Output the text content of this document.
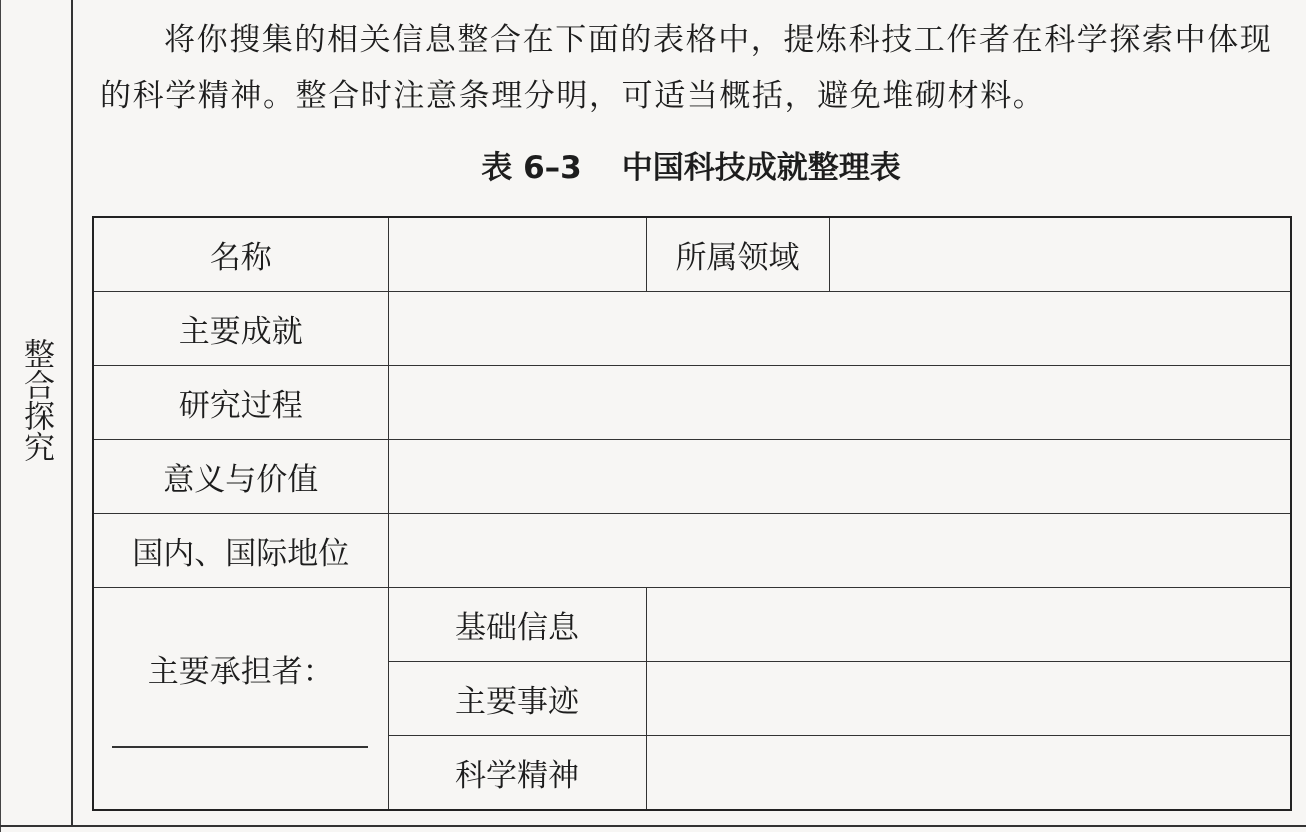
整合探究

将你搜集的相关信息整合在下面的表格中，提炼科技工作者在科学探索中体现的科学精神。整合时注意条理分明，可适当概括，避免堆砌材料。

表 6–3 中国科技成就整理表
名称		所属领域	
主要成就			
研究过程			
意义与价值			
国内、国际地位			

主要承担者：	基础信息		
	主要事迹		
	科学精神		
